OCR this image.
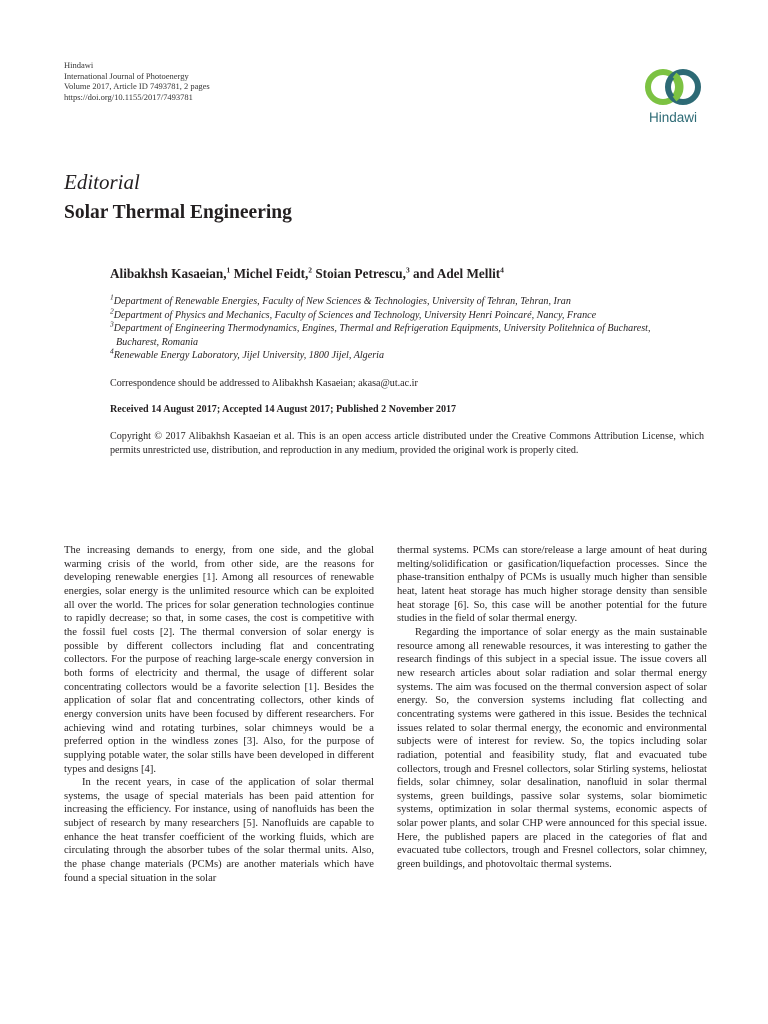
Hindawi
International Journal of Photoenergy
Volume 2017, Article ID 7493781, 2 pages
https://doi.org/10.1155/2017/7493781
Hindawi
Editorial
Solar Thermal Engineering
Alibakhsh Kasaeian,$^1$ Michel Feidt,$^2$ Stoian Petrescu,$^3$ and Adel Mellit$^4$
$^1$Department of Renewable Energies, Faculty of New Sciences & Technologies, University of Tehran, Tehran, Iran
$^2$Department of Physics and Mechanics, Faculty of Sciences and Technology, University Henri Poincaré, Nancy, France
$^3$Department of Engineering Thermodynamics, Engines, Thermal and Refrigeration Equipments, University Politehnica of Bucharest,
Bucharest, Romania
$^4$Renewable Energy Laboratory, Jijel University, 1800 Jijel, Algeria
Correspondence should be addressed to Alibakhsh Kasaeian; akasa@ut.ac.ir
Received 14 August 2017; Accepted 14 August 2017; Published 2 November 2017
Copyright © 2017 Alibakhsh Kasaeian et al. This is an open access article distributed under the Creative Commons Attribution License, which permits unrestricted use, distribution, and reproduction in any medium, provided the original work is properly cited.

The increasing demands to energy, from one side, and the global warming crisis of the world, from other side, are the reasons for developing renewable energies [1]. Among all resources of renewable energies, solar energy is the unlimited resource which can be exploited all over the world. The prices for solar generation technologies continue to rapidly decrease; so that, in some cases, the cost is competitive with the fossil fuel costs [2]. The thermal conversion of solar energy is possible by different collectors including flat and concentrating collectors. For the purpose of reaching large-scale energy conversion in both forms of electricity and thermal, the usage of different solar concentrating collectors would be a favorite selection [1]. Besides the application of solar flat and concentrating collectors, other kinds of energy conversion units have been focused by different researchers. For achieving wind and rotating turbines, solar chimneys would be a preferred option in the windless zones [3]. Also, for the purpose of supplying potable water, the solar stills have been developed in different types and designs [4].

In the recent years, in case of the application of solar thermal systems, the usage of special materials has been paid attention for increasing the efficiency. For instance, using of nanofluids has been the subject of research by many researchers [5]. Nanofluids are capable to enhance the heat transfer coefficient of the working fluids, which are circulating through the absorber tubes of the solar thermal units. Also, the phase change materials (PCMs) are another materials which have found a special situation in the solar

thermal systems. PCMs can store/release a large amount of heat during melting/solidification or gasification/liquefaction processes. Since the phase-transition enthalpy of PCMs is usually much higher than sensible heat, latent heat storage has much higher storage density than sensible heat storage [6]. So, this case will be another potential for the future studies in the field of solar thermal energy.

Regarding the importance of solar energy as the main sustainable resource among all renewable resources, it was interesting to gather the research findings of this subject in a special issue. The issue covers all new research articles about solar radiation and solar thermal energy systems. The aim was focused on the thermal conversion aspect of solar energy. So, the conversion systems including flat collecting and concentrating systems were gathered in this issue. Besides the technical issues related to solar thermal energy, the economic and environmental subjects were of interest for review. So, the topics including solar radiation, potential and feasibility study, flat and evacuated tube collectors, trough and Fresnel collectors, solar Stirling systems, heliostat fields, solar chimney, solar desalination, nanofluid in solar thermal systems, green buildings, passive solar systems, solar biomimetic systems, optimization in solar thermal systems, economic aspects of solar power plants, and solar CHP were announced for this special issue. Here, the published papers are placed in the categories of flat and evacuated tube collectors, trough and Fresnel collectors, solar chimney, green buildings, and photovoltaic thermal systems.
